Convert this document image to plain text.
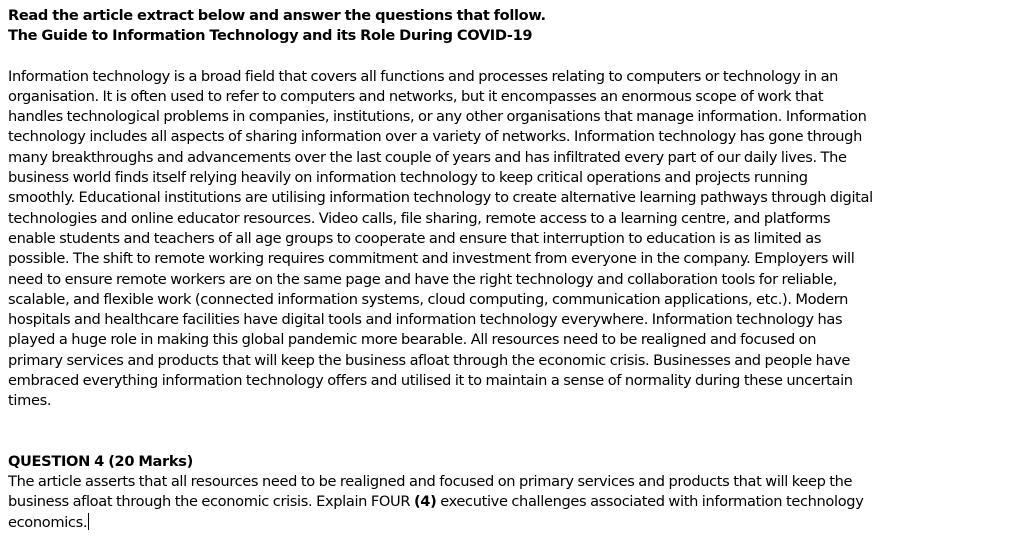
Read the article extract below and answer the questions that follow.

The Guide to Information Technology and its Role During COVID-19

Information technology is a broad field that covers all functions and processes relating to computers or technology in an
organisation. It is often used to refer to computers and networks, but it encompasses an enormous scope of work that
handles technological problems in companies, institutions, or any other organisations that manage information. Information
technology includes all aspects of sharing information over a variety of networks. Information technology has gone through
many breakthroughs and advancements over the last couple of years and has infiltrated every part of our daily lives. The
business world finds itself relying heavily on information technology to keep critical operations and projects running
smoothly. Educational institutions are utilising information technology to create alternative learning pathways through digital
technologies and online educator resources. Video calls, file sharing, remote access to a learning centre, and platforms
enable students and teachers of all age groups to cooperate and ensure that interruption to education is as limited as
possible. The shift to remote working requires commitment and investment from everyone in the company. Employers will
need to ensure remote workers are on the same page and have the right technology and collaboration tools for reliable,
scalable, and flexible work (connected information systems, cloud computing, communication applications, etc.). Modern
hospitals and healthcare facilities have digital tools and information technology everywhere. Information technology has
played a huge role in making this global pandemic more bearable. All resources need to be realigned and focused on
primary services and products that will keep the business afloat through the economic crisis. Businesses and people have
embraced everything information technology offers and utilised it to maintain a sense of normality during these uncertain
times.

QUESTION 4 (20 Marks)

The article asserts that all resources need to be realigned and focused on primary services and products that will keep the
business afloat through the economic crisis. Explain FOUR (4) executive challenges associated with information technology
economics.
